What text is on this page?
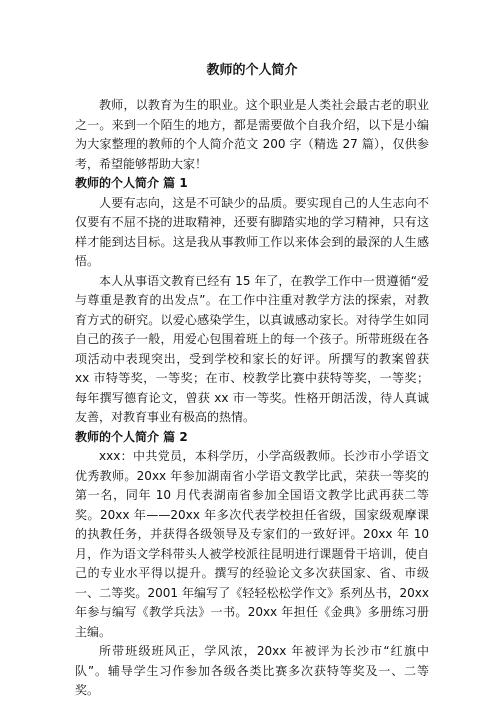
教师的个人简介

教师，以教育为生的职业。这个职业是人类社会最古老的职业之一。来到一个陌生的地方，都是需要做个自我介绍，以下是小编为大家整理的教师的个人简介范文 200 字（精选 27 篇），仅供参考，希望能够帮助大家！

教师的个人简介 篇 1

人要有志向，这是不可缺少的品质。要实现自己的人生志向不仅要有不屈不挠的进取精神，还要有脚踏实地的学习精神，只有这样才能到达目标。这是我从事教师工作以来体会到的最深的人生感悟。

本人从事语文教育已经有 15 年了，在教学工作中一贯遵循“爱与尊重是教育的出发点”。在工作中注重对教学方法的探索，对教育方式的研究。以爱心感染学生，以真诚感动家长。对待学生如同自己的孩子一般，用爱心包围着班上的每一个孩子。所带班级在各项活动中表现突出，受到学校和家长的好评。所撰写的教案曾获 xx 市特等奖，一等奖；在市、校教学比赛中获特等奖，一等奖；每年撰写德育论文，曾获 xx 市一等奖。性格开朗活泼，待人真诚友善，对教育事业有极高的热情。

教师的个人简介 篇 2

xxx：中共党员，本科学历，小学高级教师。长沙市小学语文优秀教师。20xx 年参加湖南省小学语文教学比武，荣获一等奖的第一名，同年 10 月代表湖南省参加全国语文教学比武再获二等奖。20xx 年——20xx 年多次代表学校担任省级，国家级观摩课的执教任务，并获得各级领导及专家们的一致好评。20xx 年 10 月，作为语文学科带头人被学校派往昆明进行课题骨干培训，使自己的专业水平得以提升。撰写的经验论文多次获国家、省、市级一、二等奖。2001 年编写了《轻轻松松学作文》系列丛书，20xx 年参与编写《教学兵法》一书。20xx 年担任《金典》多册练习册主编。

所带班级班风正，学风浓，20xx 年被评为长沙市“红旗中队”。辅导学生习作参加各级各类比赛多次获特等奖及一、二等奖。
